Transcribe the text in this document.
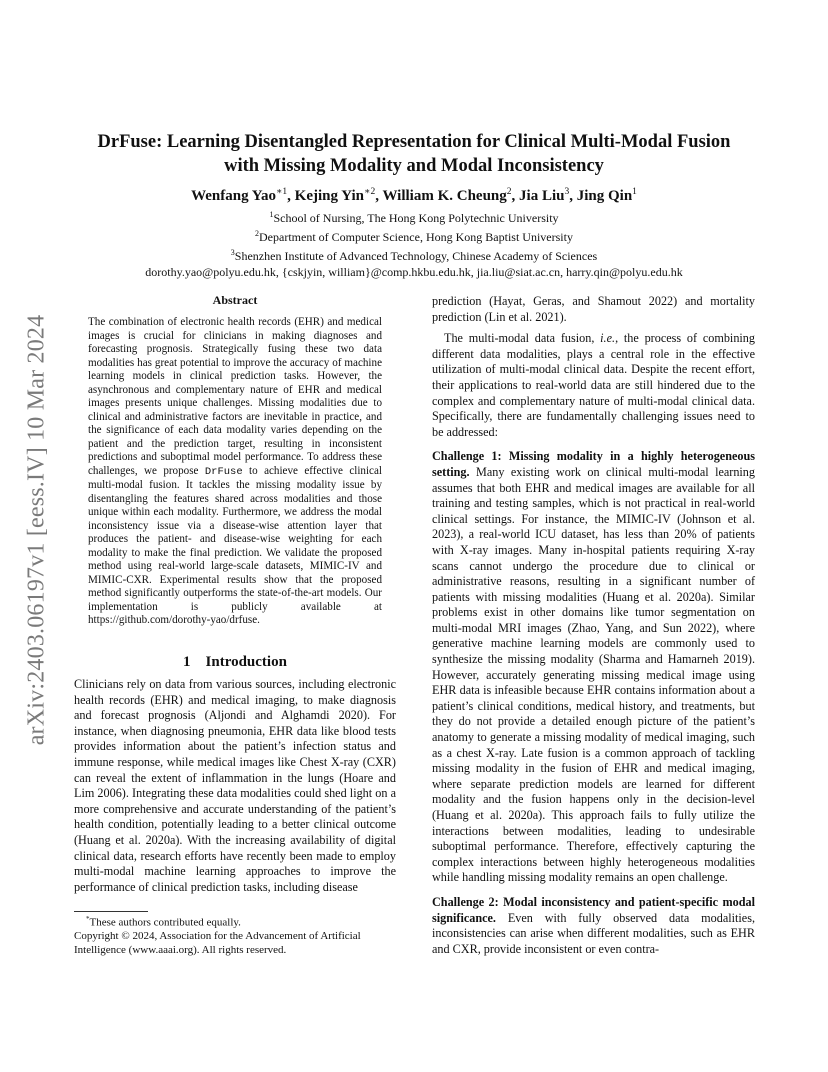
arXiv:2403.06197v1 [eess.IV] 10 Mar 2024
DrFuse: Learning Disentangled Representation for Clinical Multi-Modal Fusion
with Missing Modality and Modal Inconsistency
Wenfang Yao$^{∗1}$, Kejing Yin$^{∗2}$, William K. Cheung$^2$, Jia Liu$^3$, Jing Qin$^1$
$^1$School of Nursing, The Hong Kong Polytechnic University
$^2$Department of Computer Science, Hong Kong Baptist University
$^3$Shenzhen Institute of Advanced Technology, Chinese Academy of Sciences
dorothy.yao@polyu.edu.hk, {cskjyin, william}@comp.hkbu.edu.hk, jia.liu@siat.ac.cn, harry.qin@polyu.edu.hk
Abstract

The combination of electronic health records (EHR) and medical images is crucial for clinicians in making diagnoses and forecasting prognosis. Strategically fusing these two data modalities has great potential to improve the accuracy of machine learning models in clinical prediction tasks. However, the asynchronous and complementary nature of EHR and medical images presents unique challenges. Missing modalities due to clinical and administrative factors are inevitable in practice, and the significance of each data modality varies depending on the patient and the prediction target, resulting in inconsistent predictions and suboptimal model performance. To address these challenges, we propose DrFuse to achieve effective clinical multi-modal fusion. It tackles the missing modality issue by disentangling the features shared across modalities and those unique within each modality. Furthermore, we address the modal inconsistency issue via a disease-wise attention layer that produces the patient- and disease-wise weighting for each modality to make the final prediction. We validate the proposed method using real-world large-scale datasets, MIMIC-IV and MIMIC-CXR. Experimental results show that the proposed method significantly outperforms the state-of-the-art models. Our implementation is publicly available at https://github.com/dorothy-yao/drfuse.

1 Introduction

Clinicians rely on data from various sources, including electronic health records (EHR) and medical imaging, to make diagnosis and forecast prognosis (Aljondi and Alghamdi 2020). For instance, when diagnosing pneumonia, EHR data like blood tests provides information about the patient’s infection status and immune response, while medical images like Chest X-ray (CXR) can reveal the extent of inflammation in the lungs (Hoare and Lim 2006). Integrating these data modalities could shed light on a more comprehensive and accurate understanding of the patient’s health condition, potentially leading to a better clinical outcome (Huang et al. 2020a). With the increasing availability of digital clinical data, research efforts have recently been made to employ multi-modal machine learning approaches to improve the performance of clinical prediction tasks, including disease

*These authors contributed equally.
Copyright © 2024, Association for the Advancement of Artificial Intelligence (www.aaai.org). All rights reserved.

prediction (Hayat, Geras, and Shamout 2022) and mortality prediction (Lin et al. 2021).

The multi-modal data fusion, i.e., the process of combining different data modalities, plays a central role in the effective utilization of multi-modal clinical data. Despite the recent effort, their applications to real-world data are still hindered due to the complex and complementary nature of multi-modal clinical data. Specifically, there are fundamentally challenging issues need to be addressed:

Challenge 1: Missing modality in a highly heterogeneous setting. Many existing work on clinical multi-modal learning assumes that both EHR and medical images are available for all training and testing samples, which is not practical in real-world clinical settings. For instance, the MIMIC-IV (Johnson et al. 2023), a real-world ICU dataset, has less than 20% of patients with X-ray images. Many in-hospital patients requiring X-ray scans cannot undergo the procedure due to clinical or administrative reasons, resulting in a significant number of patients with missing modalities (Huang et al. 2020a). Similar problems exist in other domains like tumor segmentation on multi-modal MRI images (Zhao, Yang, and Sun 2022), where generative machine learning models are commonly used to synthesize the missing modality (Sharma and Hamarneh 2019). However, accurately generating missing medical image using EHR data is infeasible because EHR contains information about a patient’s clinical conditions, medical history, and treatments, but they do not provide a detailed enough picture of the patient’s anatomy to generate a missing modality of medical imaging, such as a chest X-ray. Late fusion is a common approach of tackling missing modality in the fusion of EHR and medical imaging, where separate prediction models are learned for different modality and the fusion happens only in the decision-level (Huang et al. 2020a). This approach fails to fully utilize the interactions between modalities, leading to undesirable suboptimal performance. Therefore, effectively capturing the complex interactions between highly heterogeneous modalities while handling missing modality remains an open challenge.

Challenge 2: Modal inconsistency and patient-specific modal significance. Even with fully observed data modalities, inconsistencies can arise when different modalities, such as EHR and CXR, provide inconsistent or even contra-
